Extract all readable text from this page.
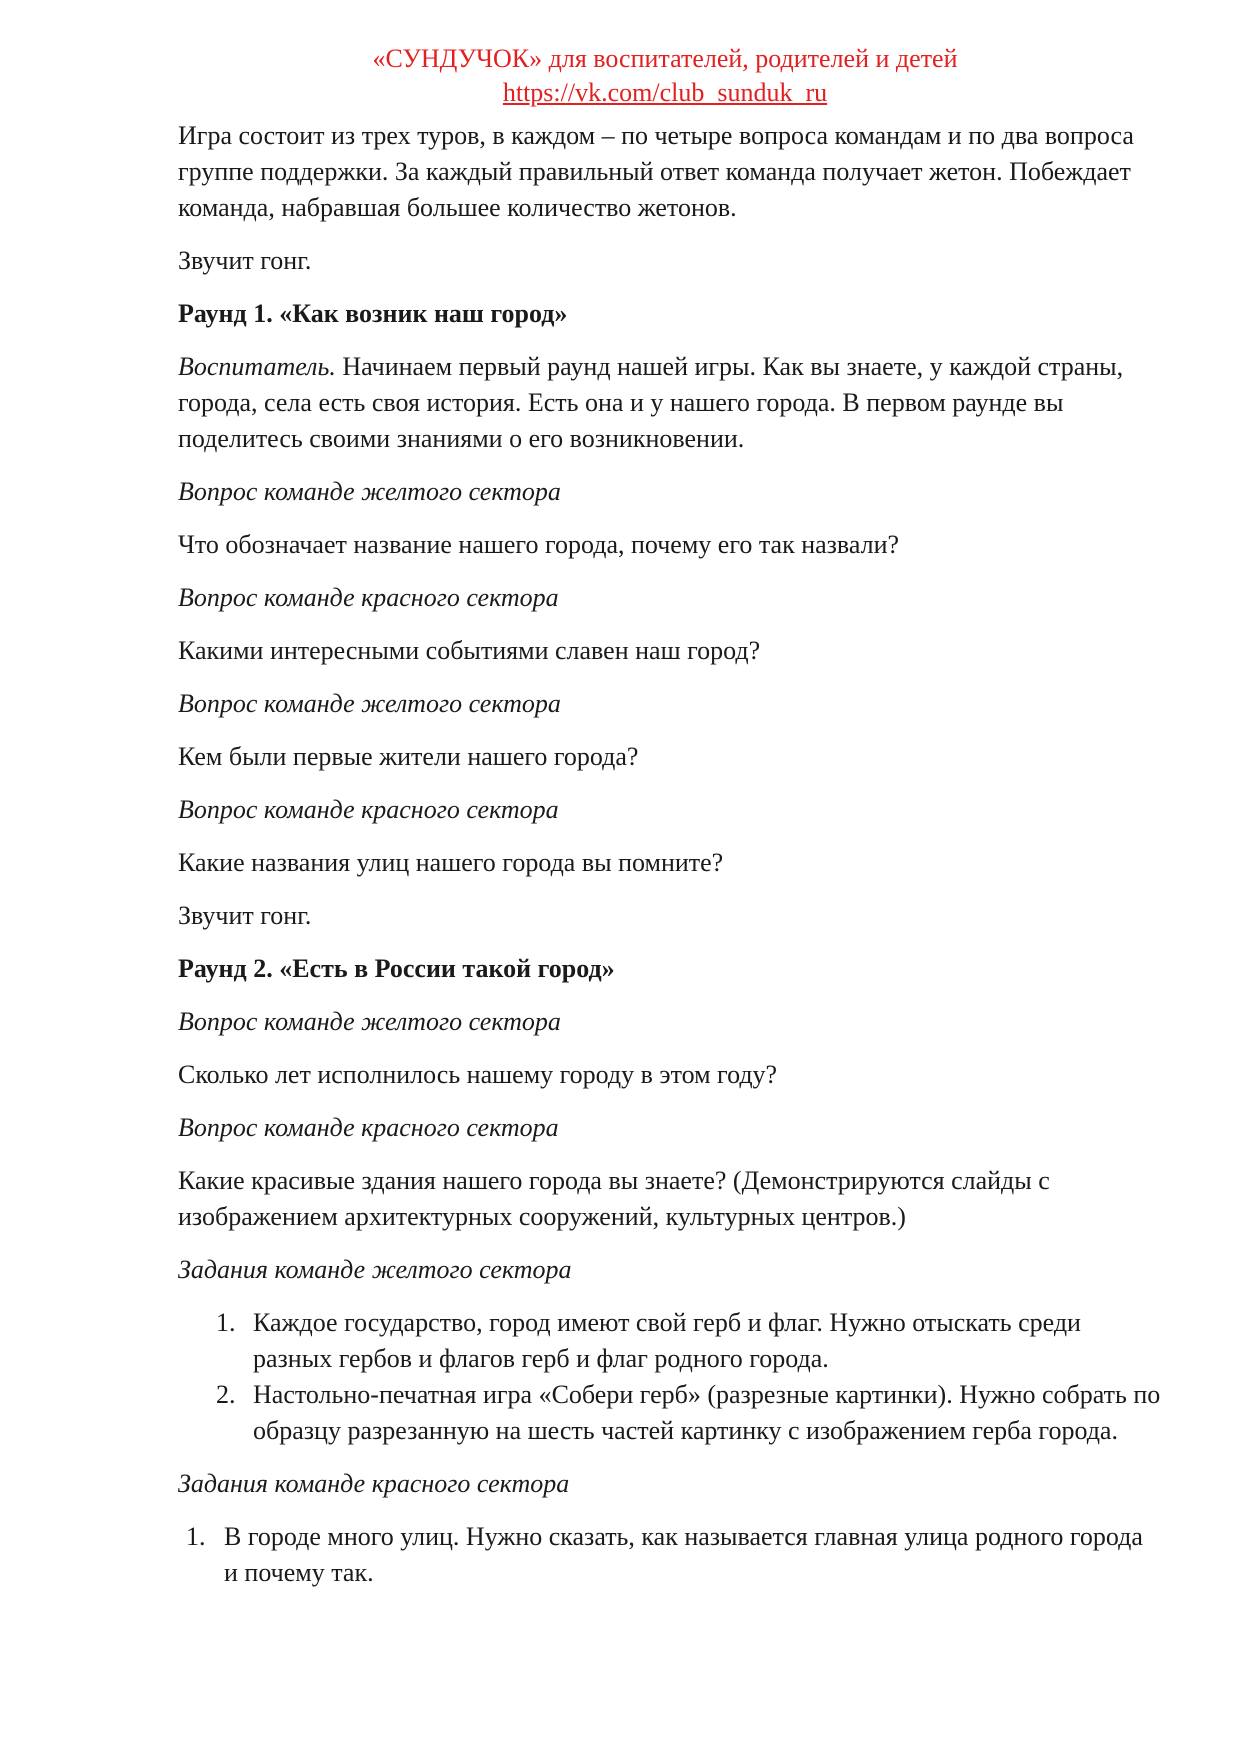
«СУНДУЧОК» для воспитателей, родителей и детей
https://vk.com/club_sunduk_ru

Игра состоит из трех туров, в каждом – по четыре вопроса командам и по два вопроса группе поддержки. За каждый правильный ответ команда получает жетон. Побеждает команда, набравшая большее количество жетонов.

Звучит гонг.

Раунд 1. «Как возник наш город»

Воспитатель. Начинаем первый раунд нашей игры. Как вы знаете, у каждой страны, города, села есть своя история. Есть она и у нашего города. В первом раунде вы поделитесь своими знаниями о его возникновении.

Вопрос команде желтого сектора

Что обозначает название нашего города, почему его так назвали?

Вопрос команде красного сектора

Какими интересными событиями славен наш город?

Вопрос команде желтого сектора

Кем были первые жители нашего города?

Вопрос команде красного сектора

Какие названия улиц нашего города вы помните?

Звучит гонг.

Раунд 2. «Есть в России такой город»

Вопрос команде желтого сектора

Сколько лет исполнилось нашему городу в этом году?

Вопрос команде красного сектора

Какие красивые здания нашего города вы знаете? (Демонстрируются слайды с изображением архитектурных сооружений, культурных центров.)

Задания команде желтого сектора

1. Каждое государство, город имеют свой герб и флаг. Нужно отыскать среди разных гербов и флагов герб и флаг родного города.
2. Настольно-печатная игра «Собери герб» (разрезные картинки). Нужно собрать по образцу разрезанную на шесть частей картинку с изображением герба города.

Задания команде красного сектора

1. В городе много улиц. Нужно сказать, как называется главная улица родного города и почему так.
